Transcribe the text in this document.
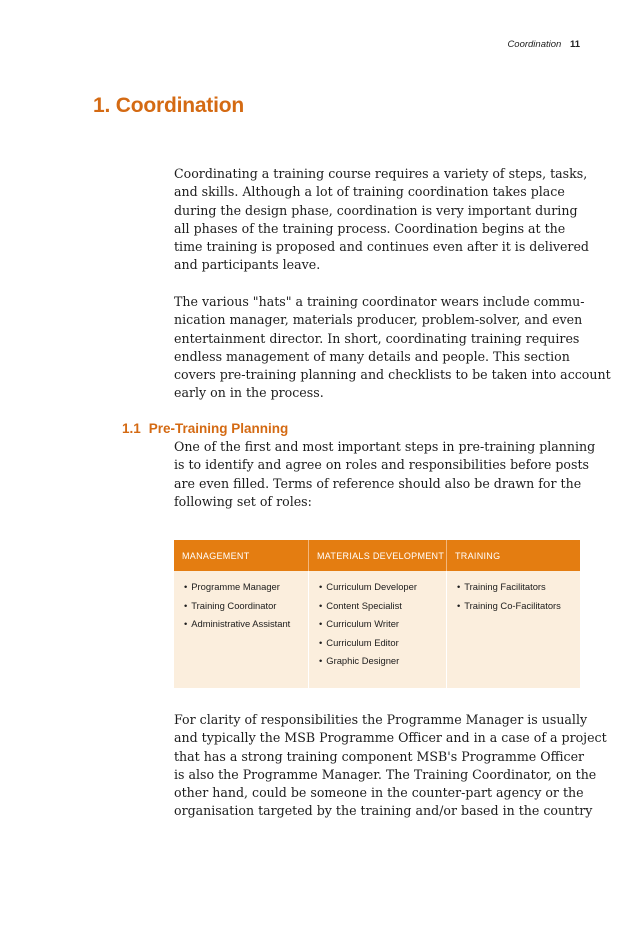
Coordination 11
1. Coordination

Coordinating a training course requires a variety of steps, tasks,
and skills. Although a lot of training coordination takes place
during the design phase, coordination is very important during
all phases of the training process. Coordination begins at the
time training is proposed and continues even after it is delivered
and participants leave.

The various "hats" a training coordinator wears include commu-
nication manager, materials producer, problem-solver, and even
entertainment director. In short, coordinating training requires
endless management of many details and people. This section
covers pre-training planning and checklists to be taken into account
early on in the process.

1.1 Pre-Training Planning

One of the first and most important steps in pre-training planning
is to identify and agree on roles and responsibilities before posts
are even filled. Terms of reference should also be drawn for the
following set of roles:

MANAGEMENT	MATERIALS DEVELOPMENT	TRAINING
• Programme Manager
• Training Coordinator
• Administrative Assistant
• Curriculum Developer
• Content Specialist
• Curriculum Writer
• Curriculum Editor
• Graphic Designer
• Training Facilitators
• Training Co-Facilitators

For clarity of responsibilities the Programme Manager is usually
and typically the MSB Programme Officer and in a case of a project
that has a strong training component MSB's Programme Officer
is also the Programme Manager. The Training Coordinator, on the
other hand, could be someone in the counter-part agency or the
organisation targeted by the training and/or based in the country
